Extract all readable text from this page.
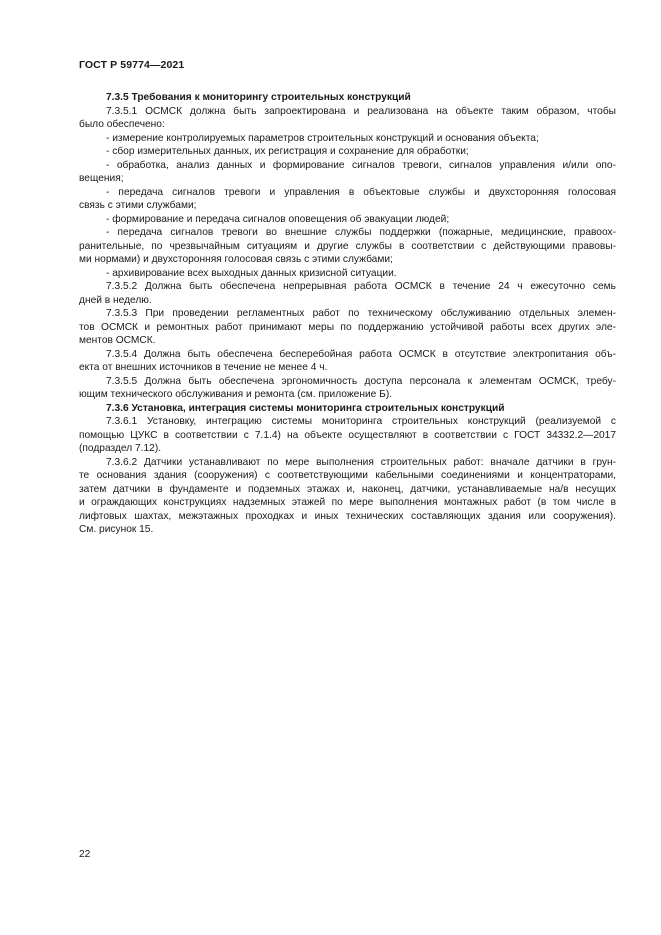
ГОСТ Р 59774—2021
7.3.5 Требования к мониторингу строительных конструкций
7.3.5.1 ОСМСК должна быть запроектирована и реализована на объекте таким образом, чтобы
было обеспечено:
- измерение контролируемых параметров строительных конструкций и основания объекта;
- сбор измерительных данных, их регистрация и сохранение для обработки;
- обработка, анализ данных и формирование сигналов тревоги, сигналов управления и/или опо-
вещения;
- передача сигналов тревоги и управления в объектовые службы и двухсторонняя голосовая
связь с этими службами;
- формирование и передача сигналов оповещения об эвакуации людей;
- передача сигналов тревоги во внешние службы поддержки (пожарные, медицинские, правоох-
ранительные, по чрезвычайным ситуациям и другие службы в соответствии с действующими правовы-
ми нормами) и двухсторонняя голосовая связь с этими службами;
- архивирование всех выходных данных кризисной ситуации.
7.3.5.2 Должна быть обеспечена непрерывная работа ОСМСК в течение 24 ч ежесуточно семь
дней в неделю.
7.3.5.3 При проведении регламентных работ по техническому обслуживанию отдельных элемен-
тов ОСМСК и ремонтных работ принимают меры по поддержанию устойчивой работы всех других эле-
ментов ОСМСК.
7.3.5.4 Должна быть обеспечена бесперебойная работа ОСМСК в отсутствие электропитания объ-
екта от внешних источников в течение не менее 4 ч.
7.3.5.5 Должна быть обеспечена эргономичность доступа персонала к элементам ОСМСК, требу-
ющим технического обслуживания и ремонта (см. приложение Б).
7.3.6 Установка, интеграция системы мониторинга строительных конструкций
7.3.6.1 Установку, интеграцию системы мониторинга строительных конструкций (реализуемой с
помощью ЦУКС в соответствии с 7.1.4) на объекте осуществляют в соответствии с ГОСТ 34332.2—2017
(подраздел 7.12).
7.3.6.2 Датчики устанавливают по мере выполнения строительных работ: вначале датчики в грун-
те основания здания (сооружения) с соответствующими кабельными соединениями и концентраторами,
затем датчики в фундаменте и подземных этажах и, наконец, датчики, устанавливаемые на/в несущих
и ограждающих конструкциях надземных этажей по мере выполнения монтажных работ (в том числе в
лифтовых шахтах, межэтажных проходках и иных технических составляющих здания или сооружения).
См. рисунок 15.
22
